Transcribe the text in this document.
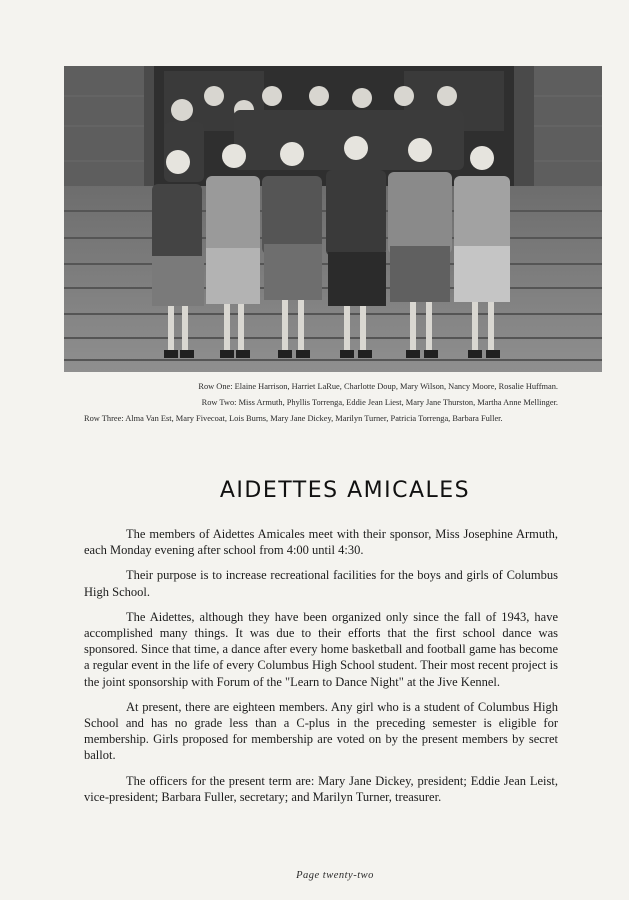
Row One: Elaine Harrison, Harriet LaRue, Charlotte Doup, Mary Wilson, Nancy Moore, Rosalie Huffman.

Row Two: Miss Armuth, Phyllis Torrenga, Eddie Jean Liest, Mary Jane Thurston, Martha Anne Mellinger.

Row Three: Alma Van Est, Mary Fivecoat, Lois Burns, Mary Jane Dickey, Marilyn Turner, Patricia Torrenga, Barbara Fuller.

AIDETTES AMICALES

The members of Aidettes Amicales meet with their sponsor, Miss Josephine Armuth, each Monday evening after school from 4:00 until 4:30.

Their purpose is to increase recreational facilities for the boys and girls of Columbus High School.

The Aidettes, although they have been organized only since the fall of 1943, have accomplished many things. It was due to their efforts that the first school dance was sponsored. Since that time, a dance after every home basketball and football game has become a regular event in the life of every Columbus High School student. Their most recent project is the joint sponsorship with Forum of the "Learn to Dance Night" at the Jive Kennel.

At present, there are eighteen members. Any girl who is a student of Columbus High School and has no grade less than a C-plus in the preceding semester is eligible for membership. Girls proposed for membership are voted on by the present members by secret ballot.

The officers for the present term are: Mary Jane Dickey, president; Eddie Jean Leist, vice-president; Barbara Fuller, secretary; and Marilyn Turner, treasurer.

Page twenty-two
